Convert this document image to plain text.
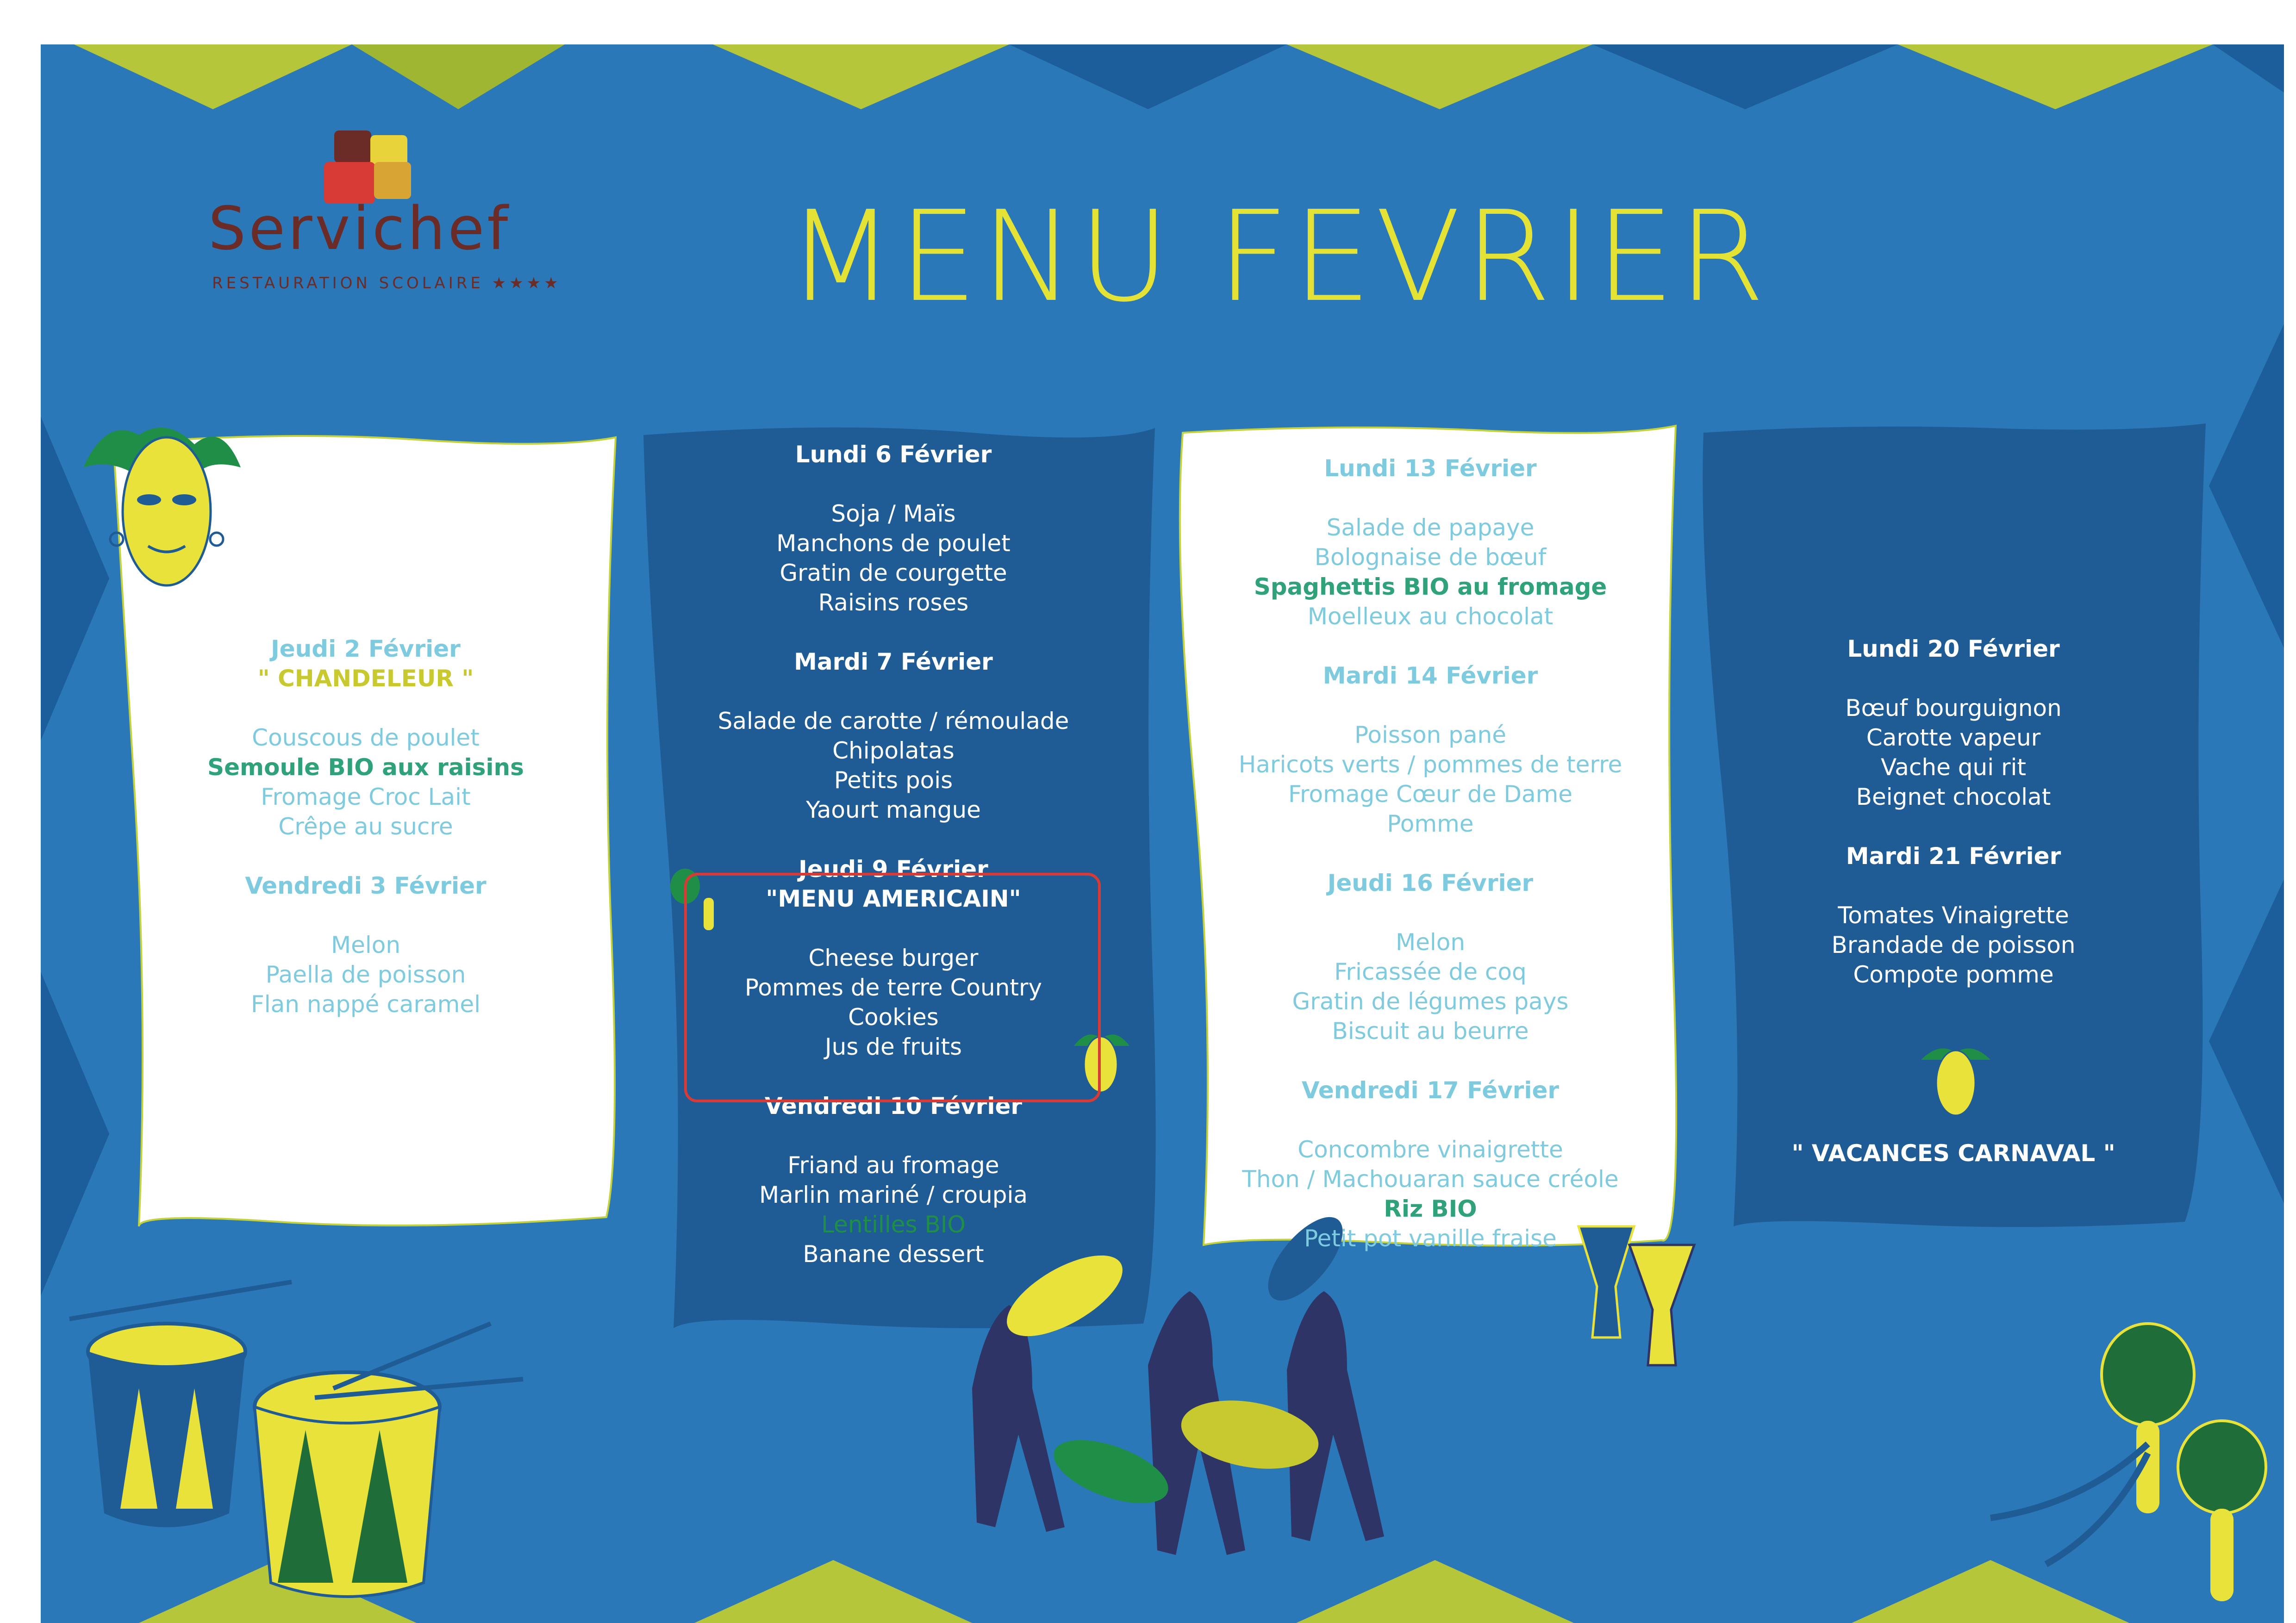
Servichef
RESTAURATION SCOLAIRE ★★★★ MENU FEVRIER
Jeudi 2 Février
" CHANDELEUR "
Couscous de poulet
Semoule BIO aux raisins
Fromage Croc Lait
Crêpe au sucre
Vendredi 3 Février
Melon
Paella de poisson
Flan nappé caramel
Lundi 6 Février
Soja / Maïs
Manchons de poulet
Gratin de courgette
Raisins roses
Mardi 7 Février
Salade de carotte / rémoulade
Chipolatas
Petits pois
Yaourt mangue
Jeudi 9 Février
"MENU AMERICAIN"
Cheese burger
Pommes de terre Country
Cookies
Jus de fruits
Vendredi 10 Février
Friand au fromage
Marlin mariné / croupia
Lentilles BIO
Banane dessert
Lundi 13 Février
Salade de papaye
Bolognaise de bœuf
Spaghettis BIO au fromage
Moelleux au chocolat
Mardi 14 Février
Poisson pané
Haricots verts / pommes de terre
Fromage Cœur de Dame
Pomme
Jeudi 16 Février
Melon
Fricassée de coq
Gratin de légumes pays
Biscuit au beurre
Vendredi 17 Février
Concombre vinaigrette
Thon / Machouaran sauce créole
Riz BIO
Petit pot vanille fraise
Lundi 20 Février
Bœuf bourguignon
Carotte vapeur
Vache qui rit
Beignet chocolat
Mardi 21 Février
Tomates Vinaigrette
Brandade de poisson
Compote pomme
" VACANCES CARNAVAL "
